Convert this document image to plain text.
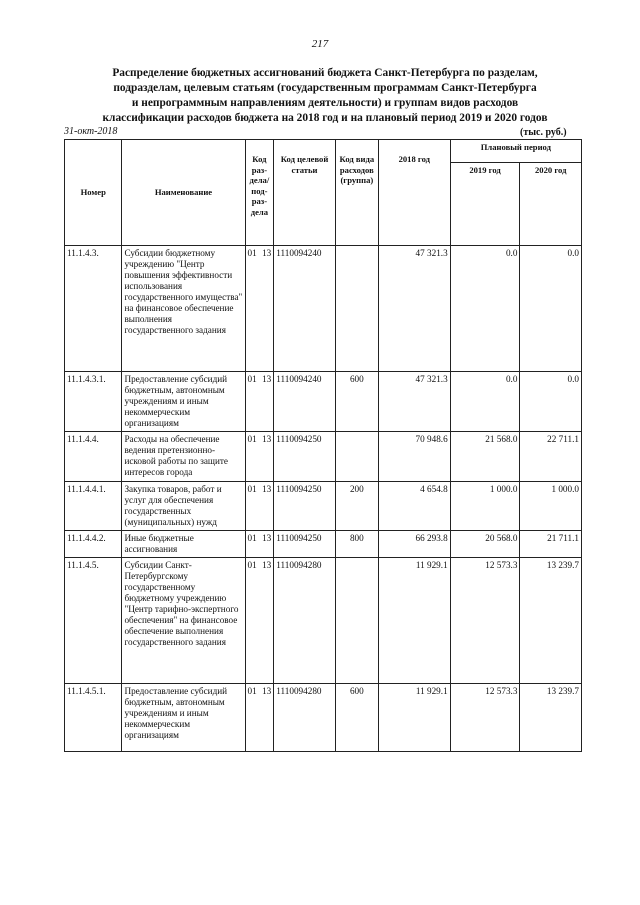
217
Распределение бюджетных ассигнований бюджета Санкт-Петербурга по разделам,
подразделам, целевым статьям (государственным программам Санкт-Петербурга
и непрограммным направлениям деятельности) и группам видов расходов
классификации расходов бюджета на 2018 год и на плановый период 2019 и 2020 годов
31-окт-2018	(тыс. руб.)
Номер	Наименование	Код раз-дела/под-раз-дела	Код целевой статьи	Код вида расходов (группа)	2018 год	Плановый период	
						2019 год	2020 год
11.1.4.3.	Субсидии бюджетному учреждению "Центр повышения эффективности использования государственного имущества" на финансовое обеспечение выполнения государственного задания	01 13	1110094240		47 321.3	0.0	0.0
11.1.4.3.1.	Предоставление субсидий бюджетным, автономным учреждениям и иным некоммерческим организациям	01 13	1110094240	600	47 321.3	0.0	0.0
11.1.4.4.	Расходы на обеспечение ведения претензионно-исковой работы по защите интересов города	01 13	1110094250		70 948.6	21 568.0	22 711.1
11.1.4.4.1.	Закупка товаров, работ и услуг для обеспечения государственных (муниципальных) нужд	01 13	1110094250	200	4 654.8	1 000.0	1 000.0
11.1.4.4.2.	Иные бюджетные ассигнования	01 13	1110094250	800	66 293.8	20 568.0	21 711.1
11.1.4.5.	Субсидии Санкт-Петербургскому государственному бюджетному учреждению "Центр тарифно-экспертного обеспечения" на финансовое обеспечение выполнения государственного задания	01 13	1110094280		11 929.1	12 573.3	13 239.7
11.1.4.5.1.	Предоставление субсидий бюджетным, автономным учреждениям и иным некоммерческим организациям	01 13	1110094280	600	11 929.1	12 573.3	13 239.7
